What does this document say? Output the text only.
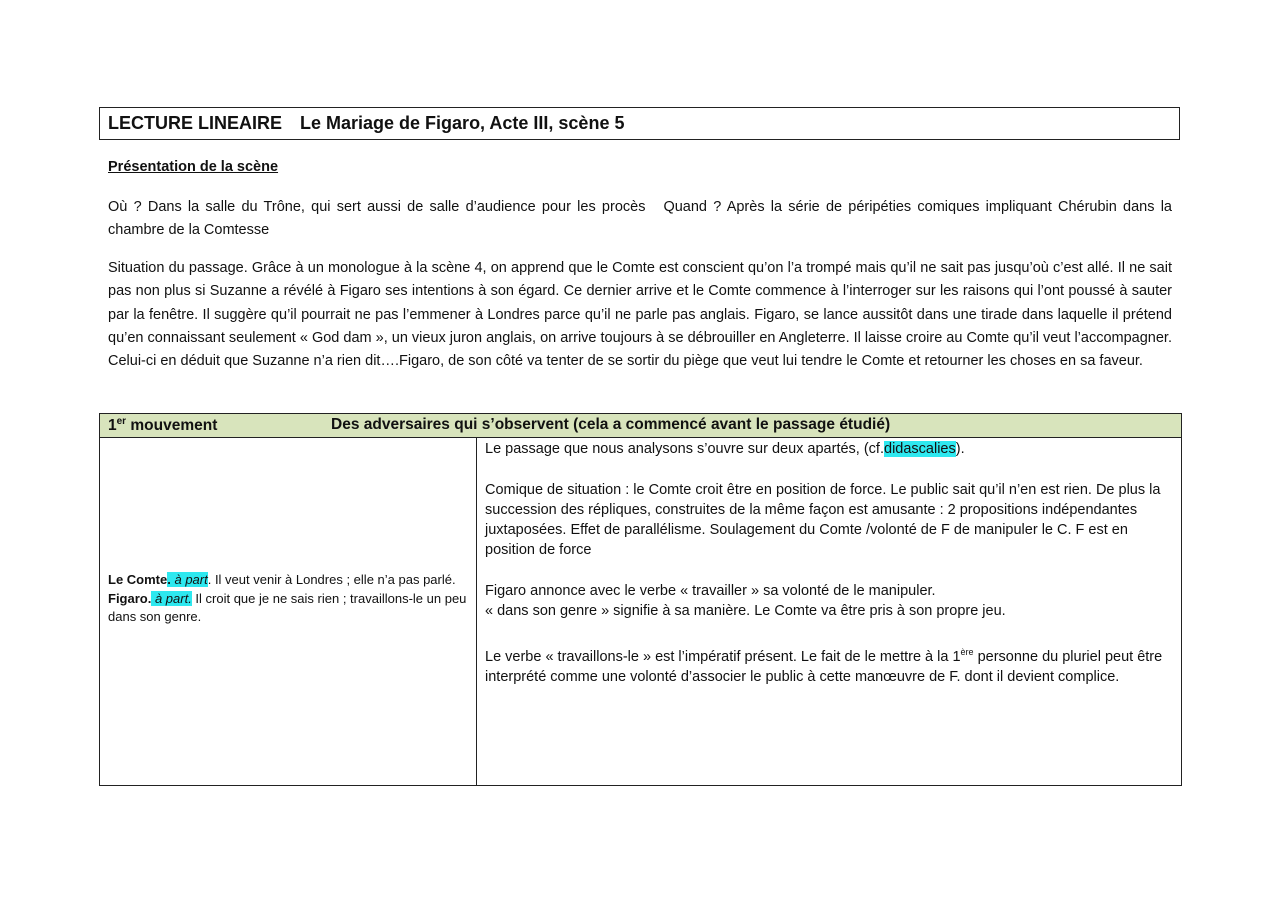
LECTURE LINEAIRE Le Mariage de Figaro, Acte III, scène 5
Présentation de la scène
Où ? Dans la salle du Trône, qui sert aussi de salle d’audience pour les procès Quand ? Après la série de péripéties comiques impliquant Chérubin dans la chambre de la Comtesse
Situation du passage. Grâce à un monologue à la scène 4, on apprend que le Comte est conscient qu’on l’a trompé mais qu’il ne sait pas jusqu’où c’est allé. Il ne sait pas non plus si Suzanne a révélé à Figaro ses intentions à son égard. Ce dernier arrive et le Comte commence à l’interroger sur les raisons qui l’ont poussé à sauter par la fenêtre. Il suggère qu’il pourrait ne pas l’emmener à Londres parce qu’il ne parle pas anglais. Figaro, se lance aussitôt dans une tirade dans laquelle il prétend qu’en connaissant seulement « God dam », un vieux juron anglais, on arrive toujours à se débrouiller en Angleterre. Il laisse croire au Comte qu’il veut l’accompagner. Celui-ci en déduit que Suzanne n’a rien dit….Figaro, de son côté va tenter de se sortir du piège que veut lui tendre le Comte et retourner les choses en sa faveur.
1er mouvement	Des adversaires qui s’observent (cela a commencé avant le passage étudié)
Le Comte. à part. Il veut venir à Londres ; elle n’a pas parlé.
Figaro. à part. Il croit que je ne sais rien ; travaillons-le un peu dans son genre.

Le passage que nous analysons s’ouvre sur deux apartés, (cf.didascalies).

Comique de situation : le Comte croit être en position de force. Le public sait qu’il n’en est rien. De plus la succession des répliques, construites de la même façon est amusante : 2 propositions indépendantes juxtaposées. Effet de parallélisme. Soulagement du Comte /volonté de F de manipuler le C. F est en position de force

Figaro annonce avec le verbe « travailler » sa volonté de le manipuler.
« dans son genre » signifie à sa manière. Le Comte va être pris à son propre jeu.

Le verbe « travaillons-le » est l’impératif présent. Le fait de le mettre à la 1ère personne du pluriel peut être interprété comme une volonté d’associer le public à cette manœuvre de F. dont il devient complice.
